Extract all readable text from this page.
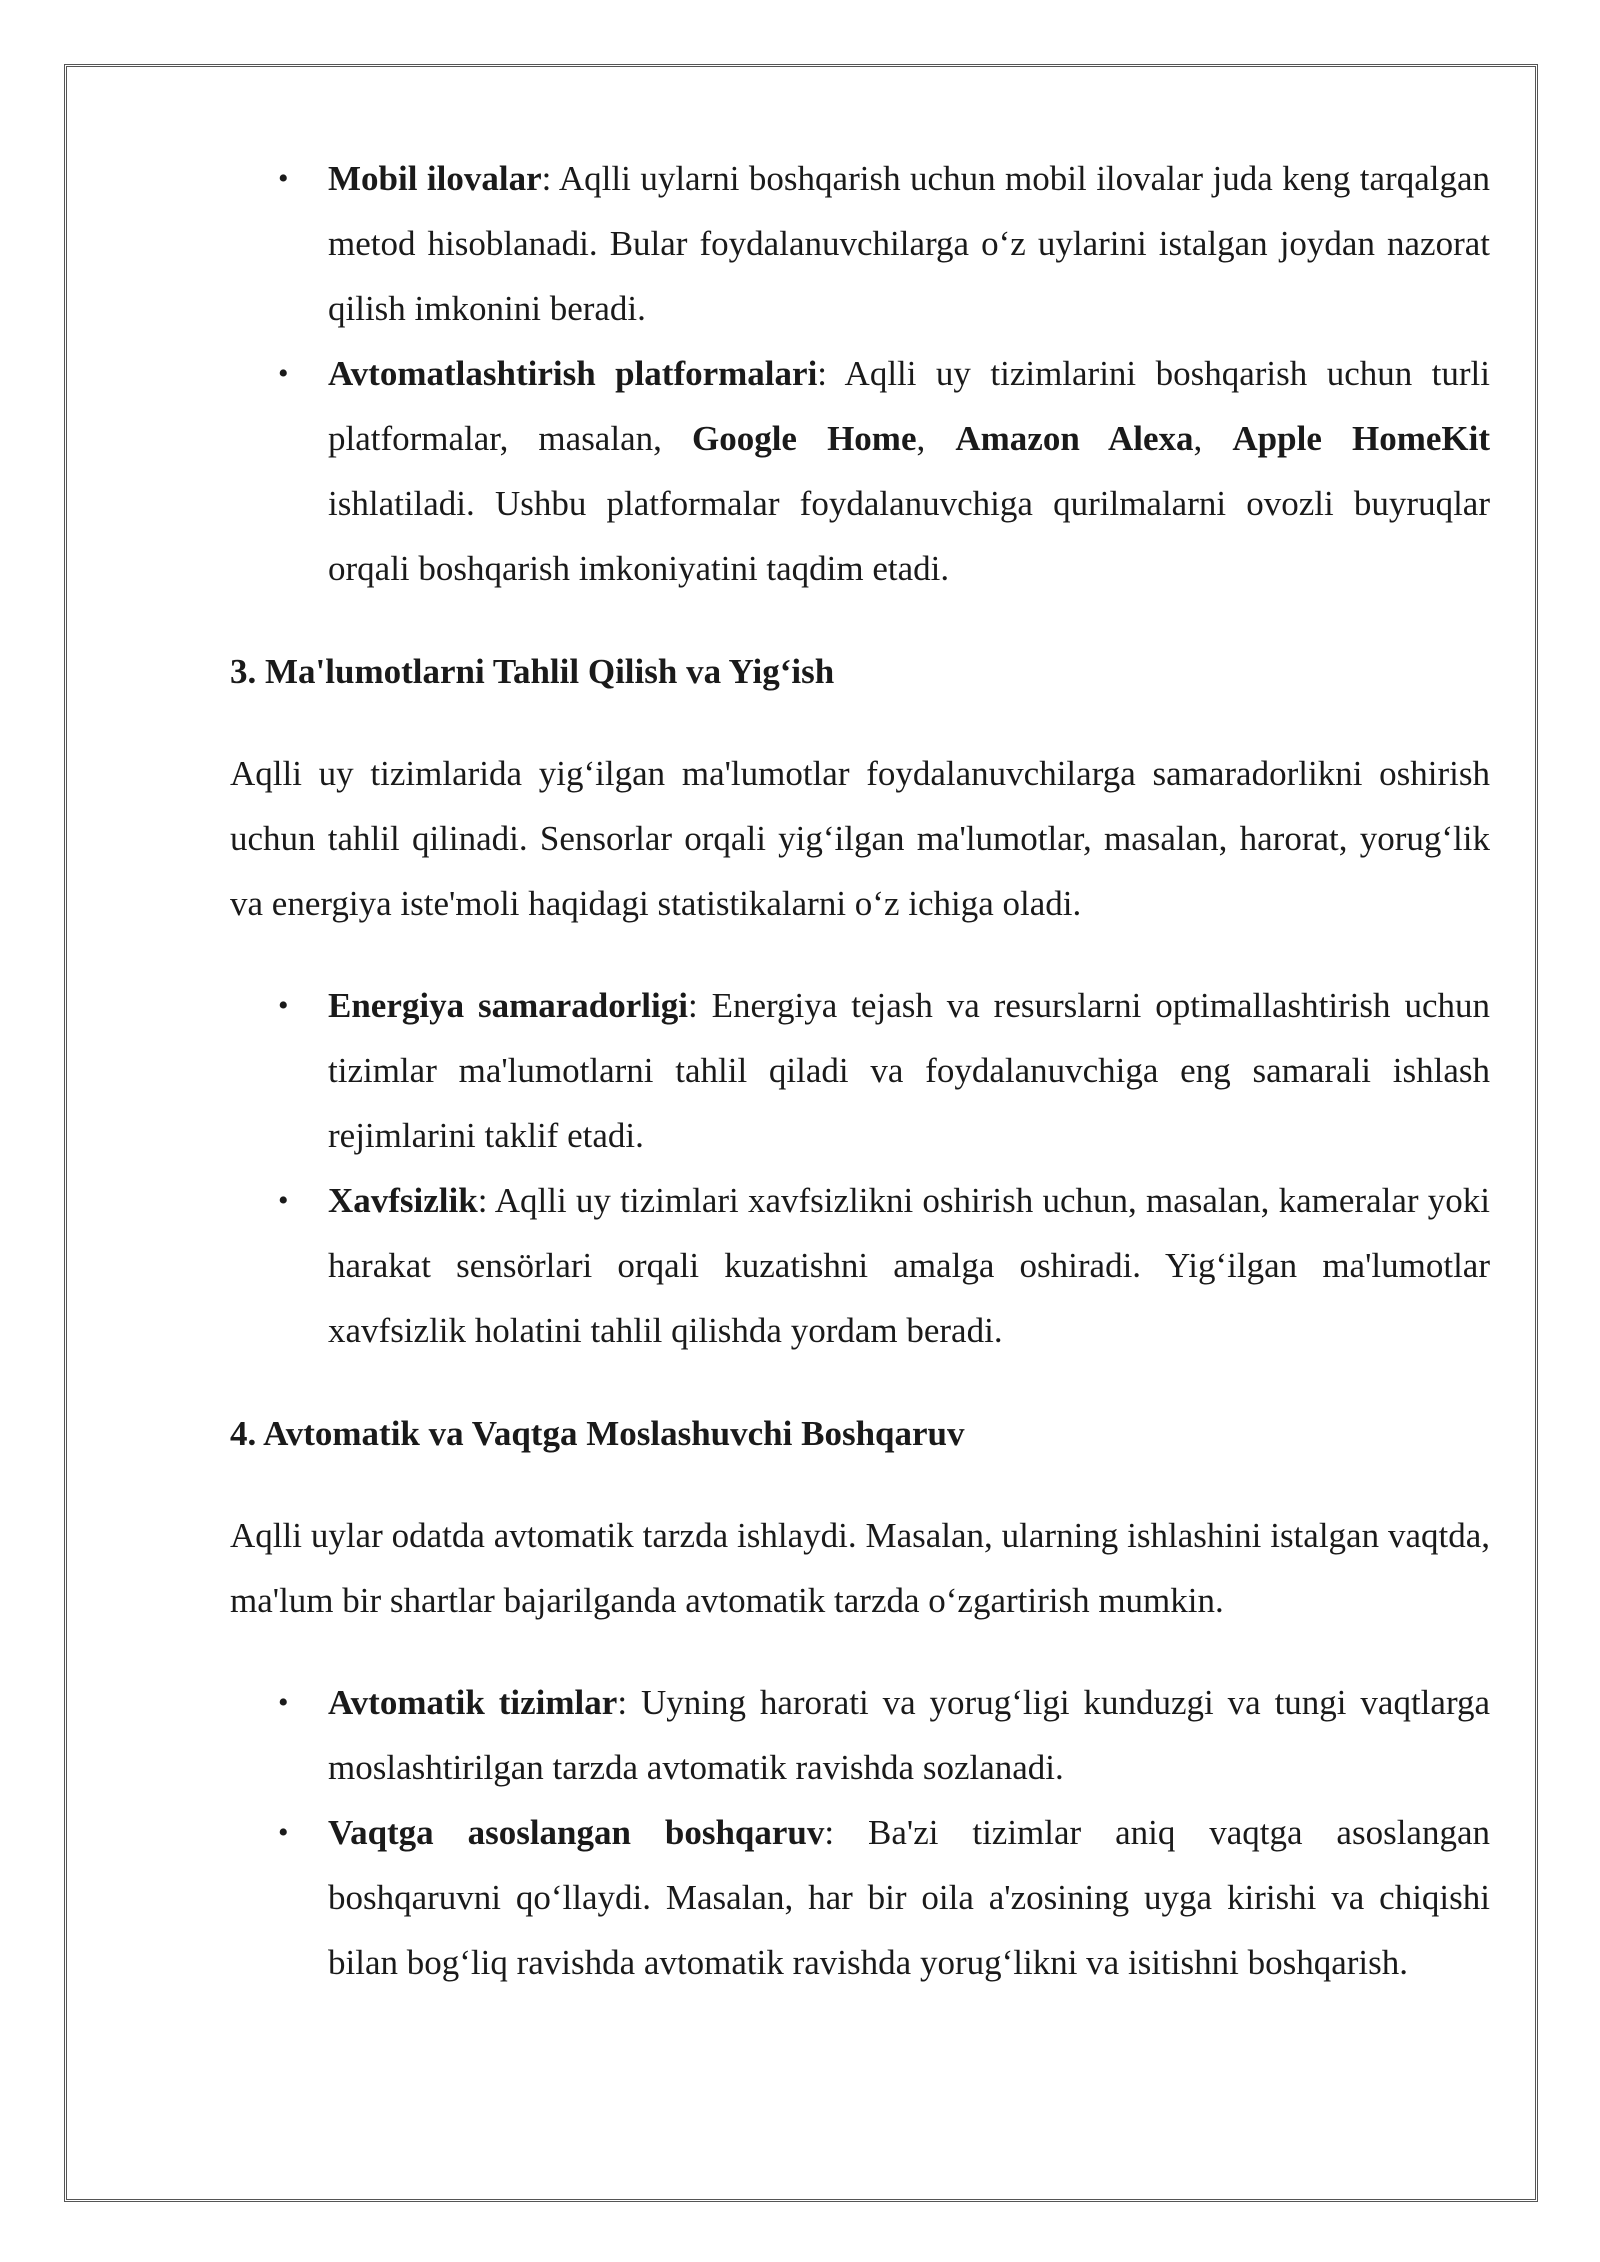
• Mobil ilovalar: Aqlli uylarni boshqarish uchun mobil ilovalar juda keng tarqalgan metod hisoblanadi. Bular foydalanuvchilarga o‘z uylarini istalgan joydan nazorat qilish imkonini beradi.
• Avtomatlashtirish platformalari: Aqlli uy tizimlarini boshqarish uchun turli platformalar, masalan, Google Home, Amazon Alexa, Apple HomeKit ishlatiladi. Ushbu platformalar foydalanuvchiga qurilmalarni ovozli buyruqlar orqali boshqarish imkoniyatini taqdim etadi.
3. Ma'lumotlarni Tahlil Qilish va Yig‘ish

Aqlli uy tizimlarida yig‘ilgan ma'lumotlar foydalanuvchilarga samaradorlikni oshirish uchun tahlil qilinadi. Sensorlar orqali yig‘ilgan ma'lumotlar, masalan, harorat, yorug‘lik va energiya iste'moli haqidagi statistikalarni o‘z ichiga oladi.

• Energiya samaradorligi: Energiya tejash va resurslarni optimallashtirish uchun tizimlar ma'lumotlarni tahlil qiladi va foydalanuvchiga eng samarali ishlash rejimlarini taklif etadi.
• Xavfsizlik: Aqlli uy tizimlari xavfsizlikni oshirish uchun, masalan, kameralar yoki harakat sensörlari orqali kuzatishni amalga oshiradi. Yig‘ilgan ma'lumotlar xavfsizlik holatini tahlil qilishda yordam beradi.
4. Avtomatik va Vaqtga Moslashuvchi Boshqaruv

Aqlli uylar odatda avtomatik tarzda ishlaydi. Masalan, ularning ishlashini istalgan vaqtda, ma'lum bir shartlar bajarilganda avtomatik tarzda o‘zgartirish mumkin.

• Avtomatik tizimlar: Uyning harorati va yorug‘ligi kunduzgi va tungi vaqtlarga moslashtirilgan tarzda avtomatik ravishda sozlanadi.
• Vaqtga asoslangan boshqaruv: Ba'zi tizimlar aniq vaqtga asoslangan boshqaruvni qo‘llaydi. Masalan, har bir oila a'zosining uyga kirishi va chiqishi bilan bog‘liq ravishda avtomatik ravishda yorug‘likni va isitishni boshqarish.
